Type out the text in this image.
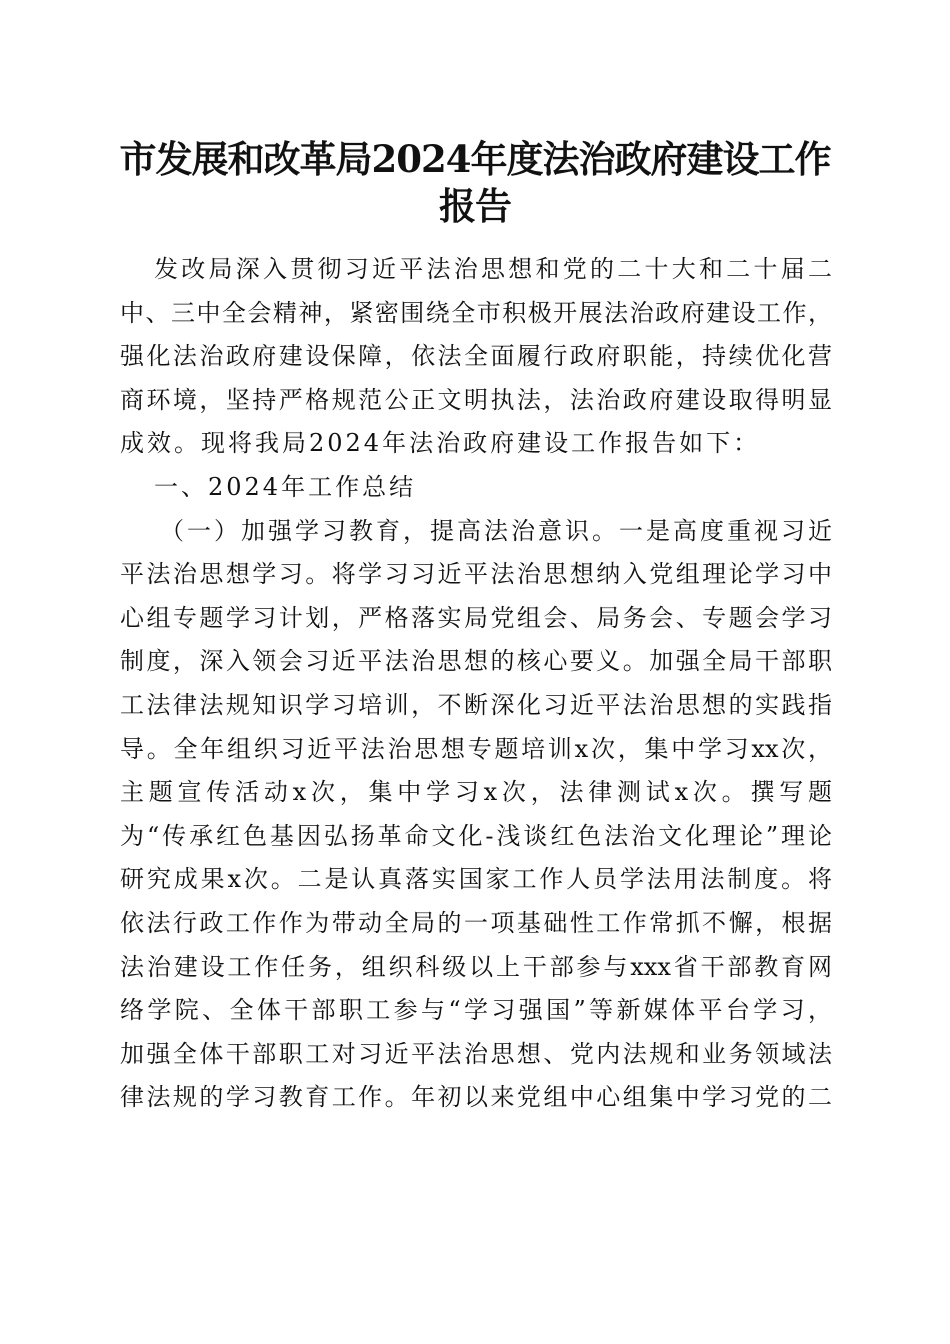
市发展和改革局2024年度法治政府建设工作
报告
发改局深入贯彻习近平法治思想和党的二十大和二十届二
中、三中全会精神，紧密围绕全市积极开展法治政府建设工作，
强化法治政府建设保障，依法全面履行政府职能，持续优化营
商环境，坚持严格规范公正文明执法，法治政府建设取得明显
成效。现将我局2024年法治政府建设工作报告如下：
一、2024年工作总结
（一）加强学习教育，提高法治意识。一是高度重视习近
平法治思想学习。将学习习近平法治思想纳入党组理论学习中
心组专题学习计划，严格落实局党组会、局务会、专题会学习
制度，深入领会习近平法治思想的核心要义。加强全局干部职
工法律法规知识学习培训，不断深化习近平法治思想的实践指
导。全年组织习近平法治思想专题培训x次，集中学习xx次，
主题宣传活动x次，集中学习x次，法律测试x次。撰写题
为“传承红色基因弘扬革命文化-浅谈红色法治文化理论”理论
研究成果x次。二是认真落实国家工作人员学法用法制度。将
依法行政工作作为带动全局的一项基础性工作常抓不懈，根据
法治建设工作任务，组织科级以上干部参与xxx省干部教育网
络学院、全体干部职工参与“学习强国”等新媒体平台学习，
加强全体干部职工对习近平法治思想、党内法规和业务领域法
律法规的学习教育工作。年初以来党组中心组集中学习党的二
